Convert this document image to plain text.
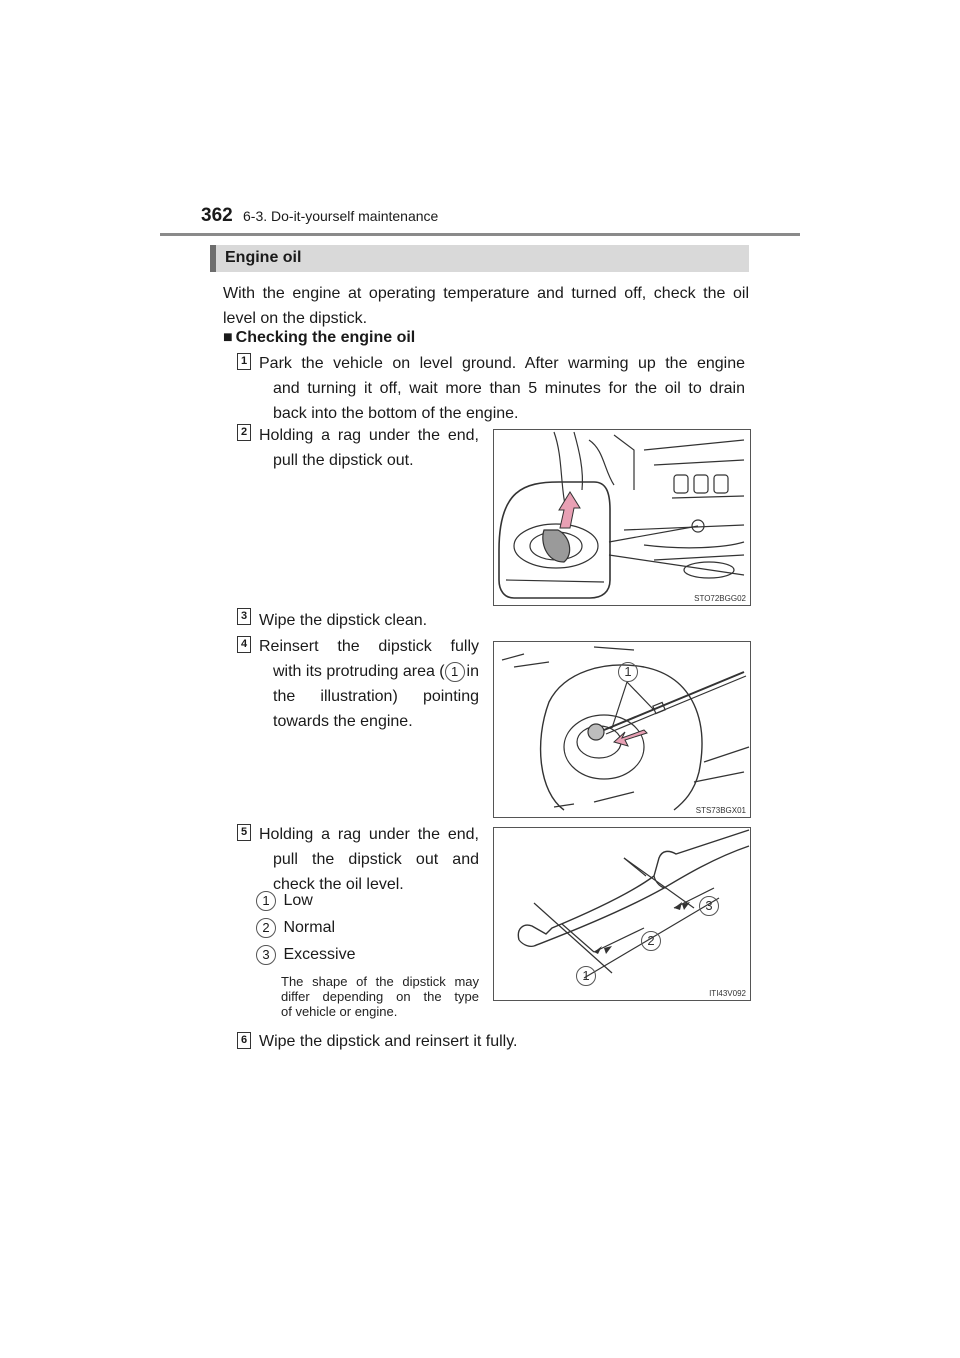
362 6-3. Do-it-yourself maintenance
Engine oil
With the engine at operating temperature and turned off, check the oil
level on the dipstick.
■ Checking the engine oil
1 Park the vehicle on level ground. After warming up the engine
and turning it off, wait more than 5 minutes for the oil to drain
back into the bottom of the engine.
2 Holding a rag under the end,
pull the dipstick out.
STO72BGG02
3 Wipe the dipstick clean.
4 Reinsert the dipstick fully
with its protruding area ( 1 in
the illustration) pointing
towards the engine.
1
STS73BGX01
5 Holding a rag under the end,
pull the dipstick out and
check the oil level.
1 Low
2 Normal
3 Excessive
The shape of the dipstick may
differ depending on the type
of vehicle or engine.
3
2
1
ITI43V092
6 Wipe the dipstick and reinsert it fully.
